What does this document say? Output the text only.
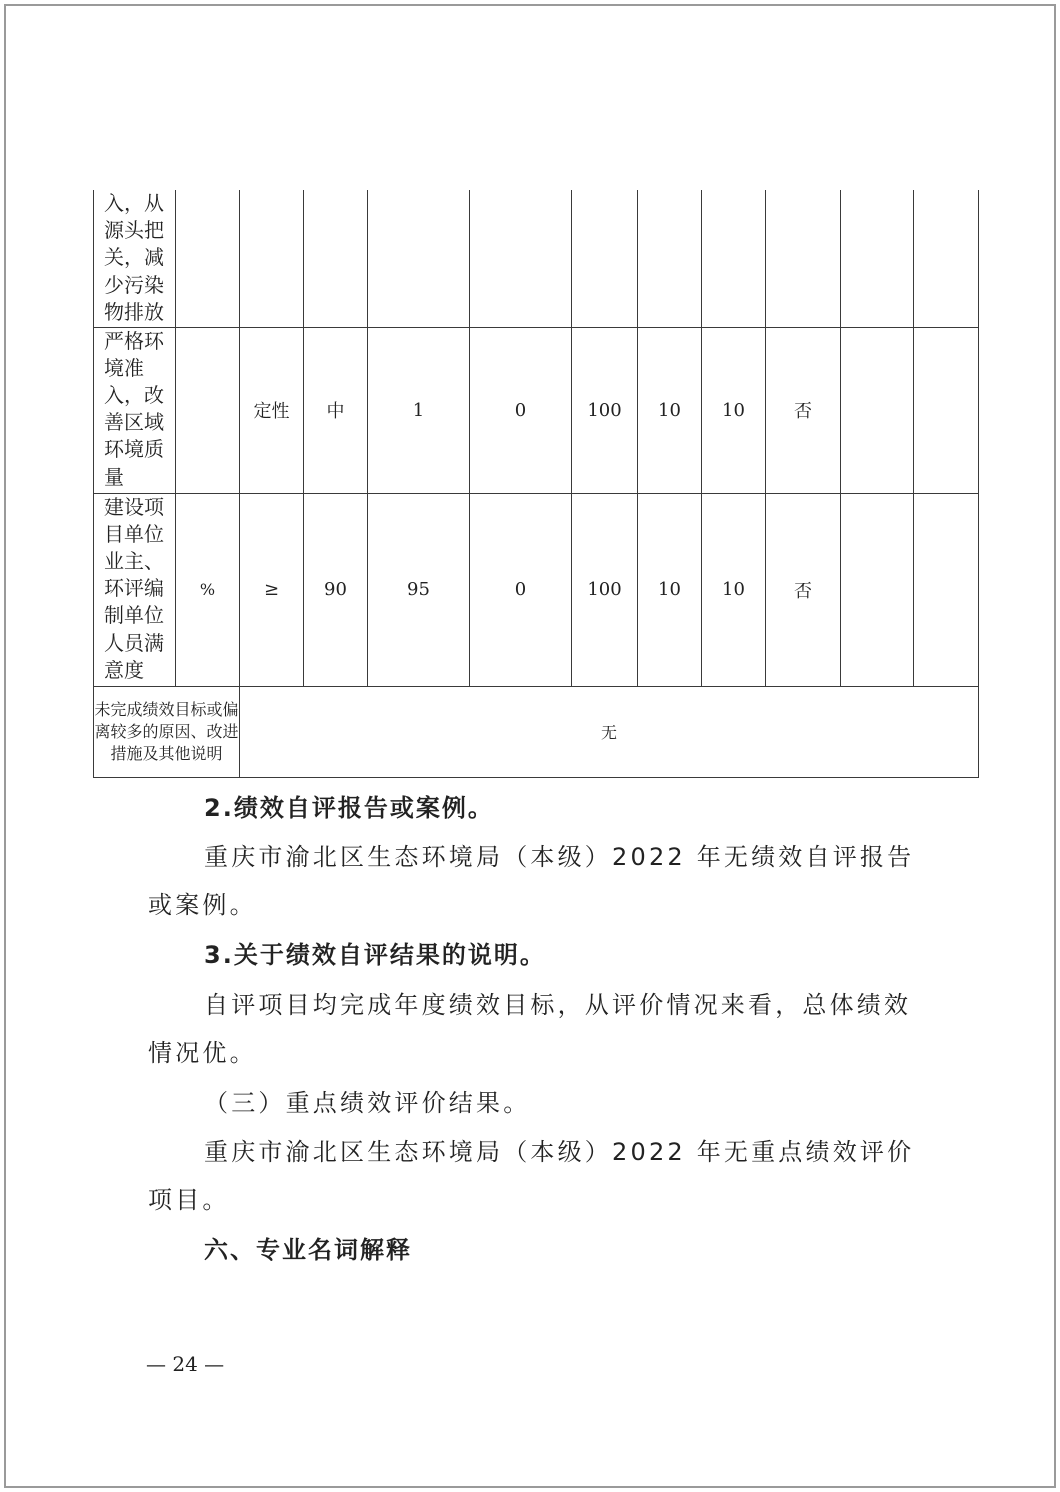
入，从源头把关，减少污染物排放											
严格环境准入，改善区域环境质量		定性	中	1	0	100	10	10	否		
建设项目单位业主、环评编制单位人员满意度	%	≥	90	95	0	100	10	10	否		
未完成绩效目标或偏离较多的原因、改进措施及其他说明		无									

2.绩效自评报告或案例。

重庆市渝北区生态环境局（本级）2022 年无绩效自评报告或案例。

3.关于绩效自评结果的说明。

自评项目均完成年度绩效目标，从评价情况来看，总体绩效情况优。

（三）重点绩效评价结果。

重庆市渝北区生态环境局（本级）2022 年无重点绩效评价项目。

六、专业名词解释

— 24 —
